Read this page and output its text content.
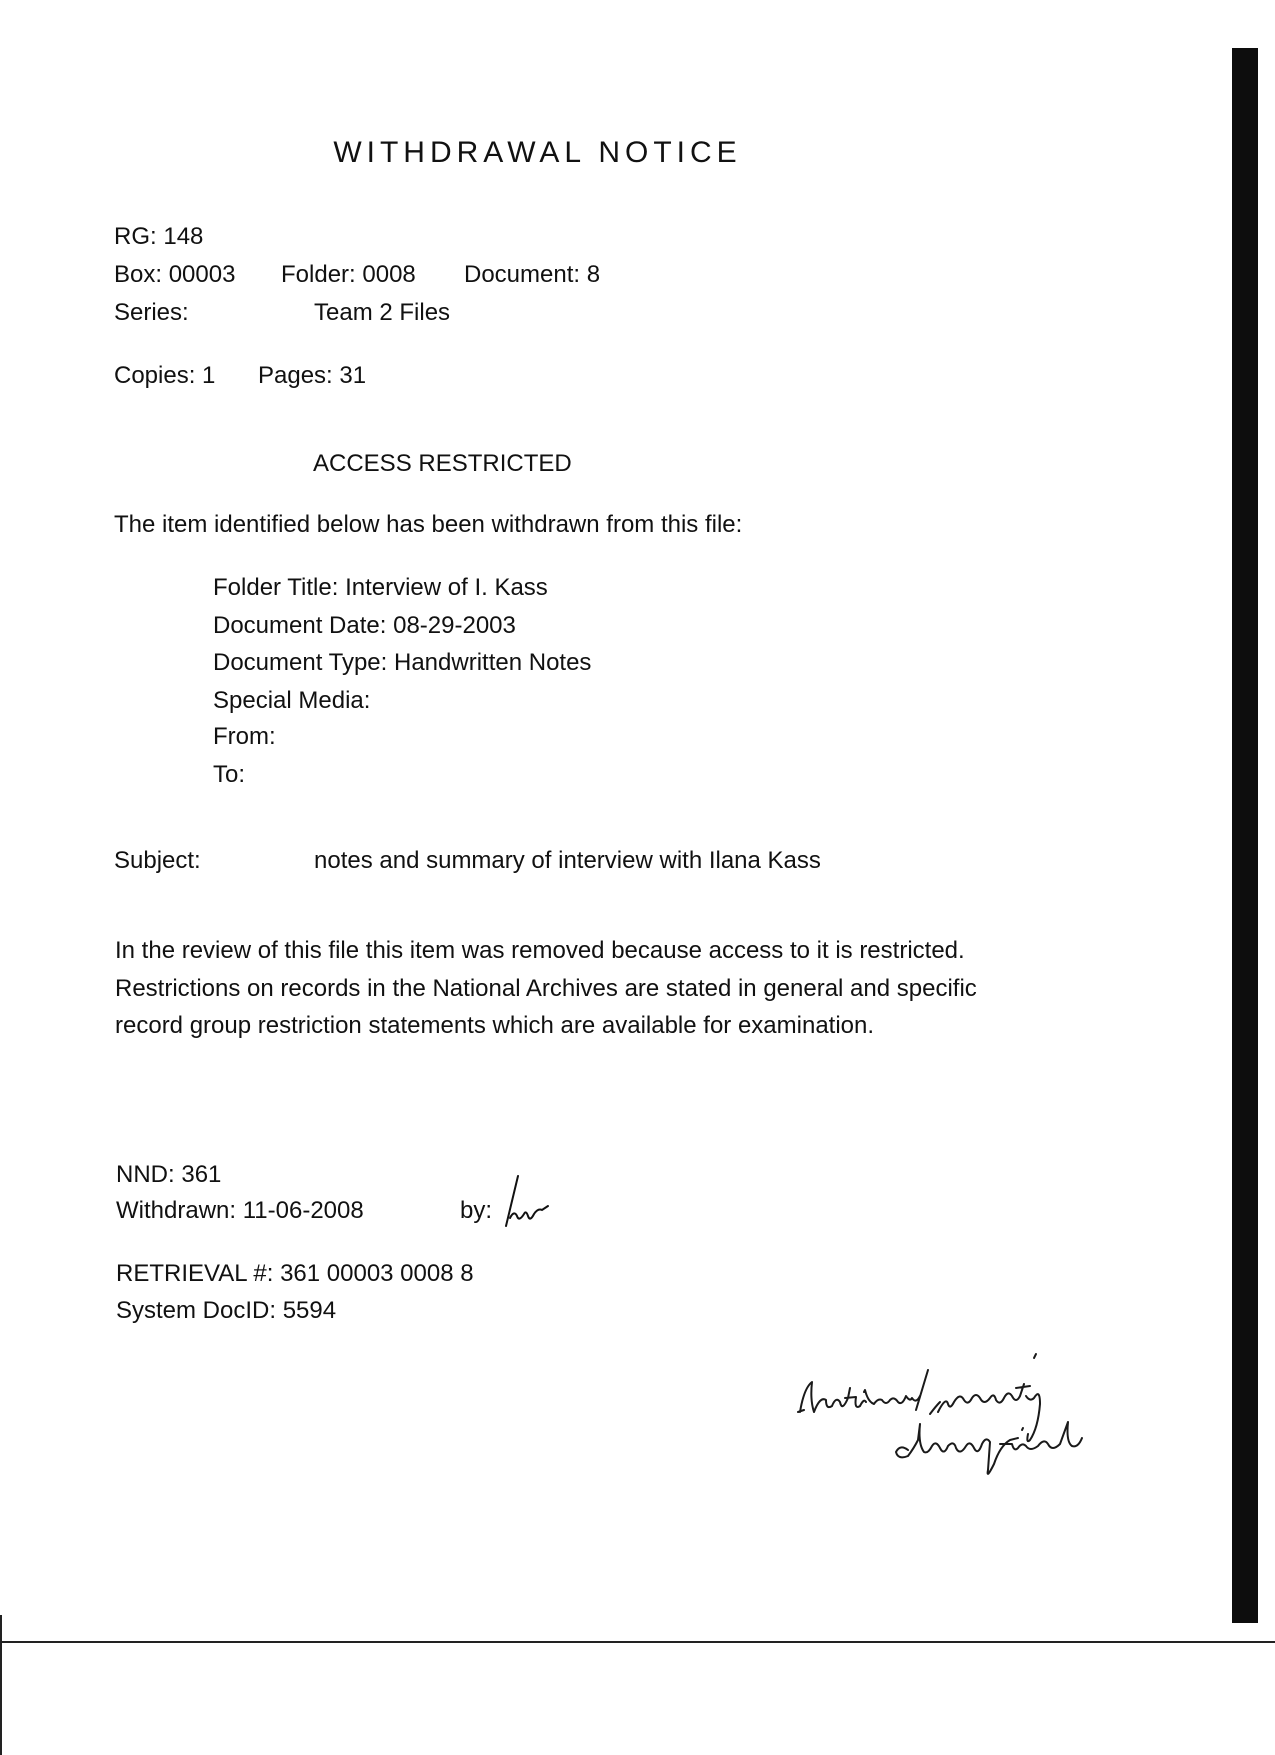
WITHDRAWAL NOTICE
RG: 148
Box: 00003 Folder: 0008 Document: 8
Series:	Team 2 Files
Copies: 1 Pages: 31
ACCESS RESTRICTED
The item identified below has been withdrawn from this file:
Folder Title: Interview of I. Kass
Document Date: 08-29-2003
Document Type: Handwritten Notes
Special Media:
From:
To:
Subject:	notes and summary of interview with Ilana Kass
In the review of this file this item was removed because access to it is restricted. Restrictions on records in the National Archives are stated in general and specific record group restriction statements which are available for examination.
NND: 361
Withdrawn: 11-06-2008	by:
RETRIEVAL #: 361 00003 0008 8
System DocID: 5594
